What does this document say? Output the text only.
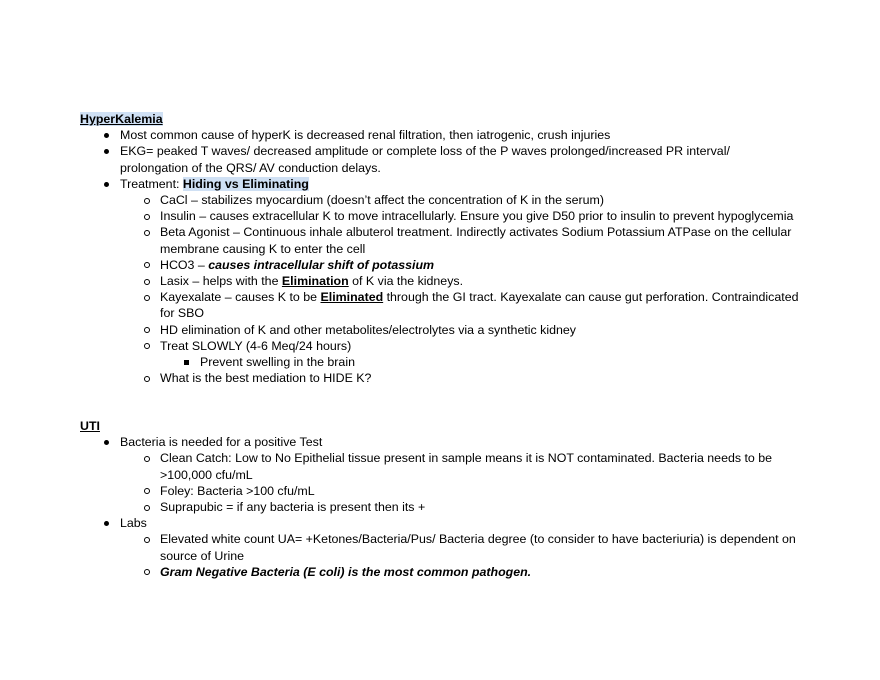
HyperKalemia
Most common cause of hyperK is decreased renal filtration, then iatrogenic, crush injuries
EKG= peaked T waves/ decreased amplitude or complete loss of the P waves prolonged/increased PR interval/ prolongation of the QRS/ AV conduction delays.
Treatment: Hiding vs Eliminating
CaCl – stabilizes myocardium (doesn’t affect the concentration of K in the serum)
Insulin – causes extracellular K to move intracellularly. Ensure you give D50 prior to insulin to prevent hypoglycemia
Beta Agonist – Continuous inhale albuterol treatment. Indirectly activates Sodium Potassium ATPase on the cellular membrane causing K to enter the cell
HCO3 – causes intracellular shift of potassium
Lasix – helps with the Elimination of K via the kidneys.
Kayexalate – causes K to be Eliminated through the GI tract. Kayexalate can cause gut perforation. Contraindicated for SBO
HD elimination of K and other metabolites/electrolytes via a synthetic kidney
Treat SLOWLY (4-6 Meq/24 hours)
Prevent swelling in the brain
What is the best mediation to HIDE K?
UTI
Bacteria is needed for a positive Test
Clean Catch: Low to No Epithelial tissue present in sample means it is NOT contaminated. Bacteria needs to be >100,000 cfu/mL
Foley: Bacteria >100 cfu/mL
Suprapubic = if any bacteria is present then its +
Labs
Elevated white count UA= +Ketones/Bacteria/Pus/ Bacteria degree (to consider to have bacteriuria) is dependent on source of Urine
Gram Negative Bacteria (E coli) is the most common pathogen.
